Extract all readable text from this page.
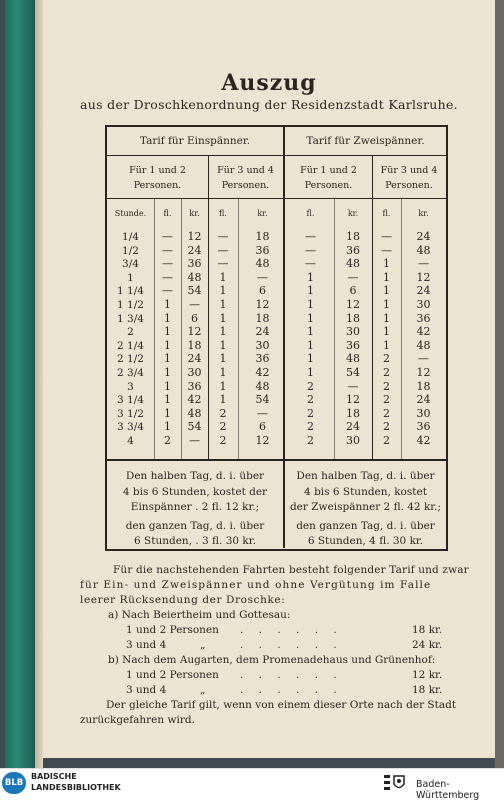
Auszug
aus der Droschkenordnung der Residenzstadt Karlsruhe.
Tarif für Einspänner.	Tarif für Zweispänner.
Für 1 und 2
Personen.
Für 3 und 4
Personen.
Für 1 und 2
Personen.
Für 3 und 4
Personen.
Stunde.	fl.	kr.	fl.	kr.	fl.	kr.	fl.	kr.
1/4	—	12	—	18	—	18	—	24
1/2	—	24	—	36	—	36	—	48
3/4	—	36	—	48	—	48	1	—
1	—	48	1	—	1	—	1	12
1 1/4	—	54	1	6	1	6	1	24
1 1/2	1	—	1	12	1	12	1	30
1 3/4	1	6	1	18	1	18	1	36
2	1	12	1	24	1	30	1	42
2 1/4	1	18	1	30	1	36	1	48
2 1/2	1	24	1	36	1	48	2	—
2 3/4	1	30	1	42	1	54	2	12
3	1	36	1	48	2	—	2	18
3 1/4	1	42	1	54	2	12	2	24
3 1/2	1	48	2	—	2	18	2	30
3 3/4	1	54	2	6	2	24	2	36
4	2	—	2	12	2	30	2	42
Den halben Tag, d. i. über
4 bis 6 Stunden, kostet der
Einspänner . 2 fl. 12 kr.;
den ganzen Tag, d. i. über
6 Stunden, . 3 fl. 30 kr.
Den halben Tag, d. i. über
4 bis 6 Stunden, kostet
der Zweispänner 2 fl. 42 kr.;
den ganzen Tag, d. i. über
6 Stunden, 4 fl. 30 kr.
Für die nachstehenden Fahrten besteht folgender Tarif und zwar
für Ein- und Zweispänner und ohne Vergütung im Falle
leerer Rücksendung der Droschke:
a) Nach Beiertheim und Gottesau:
1 und 2 Personen . . . . . .	18 kr.
3 und 4	„	. . . . . .	24 kr.
b) Nach dem Augarten, dem Promenadehaus und Grünenhof:
1 und 2 Personen . . . . . .	12 kr.
3 und 4	„	. . . . . .	18 kr.
Der gleiche Tarif gilt, wenn von einem dieser Orte nach der Stadt
zurückgefahren wird.
BLB
BADISCHE
LANDESBIBLIOTHEK	Baden-Württemberg
